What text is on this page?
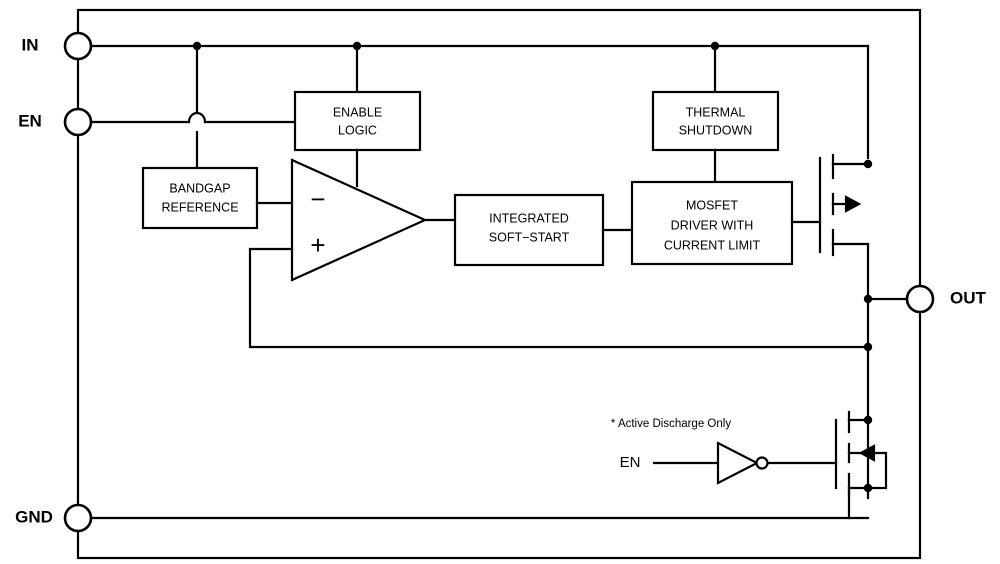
IN
EN
OUT
GND
ENABLE
LOGIC
THERMAL
SHUTDOWN
BANDGAP
REFERENCE	−
+
INTEGRATED
SOFT−START
MOSFET
DRIVER WITH
CURRENT LIMIT
EN
* Active Discharge Only
